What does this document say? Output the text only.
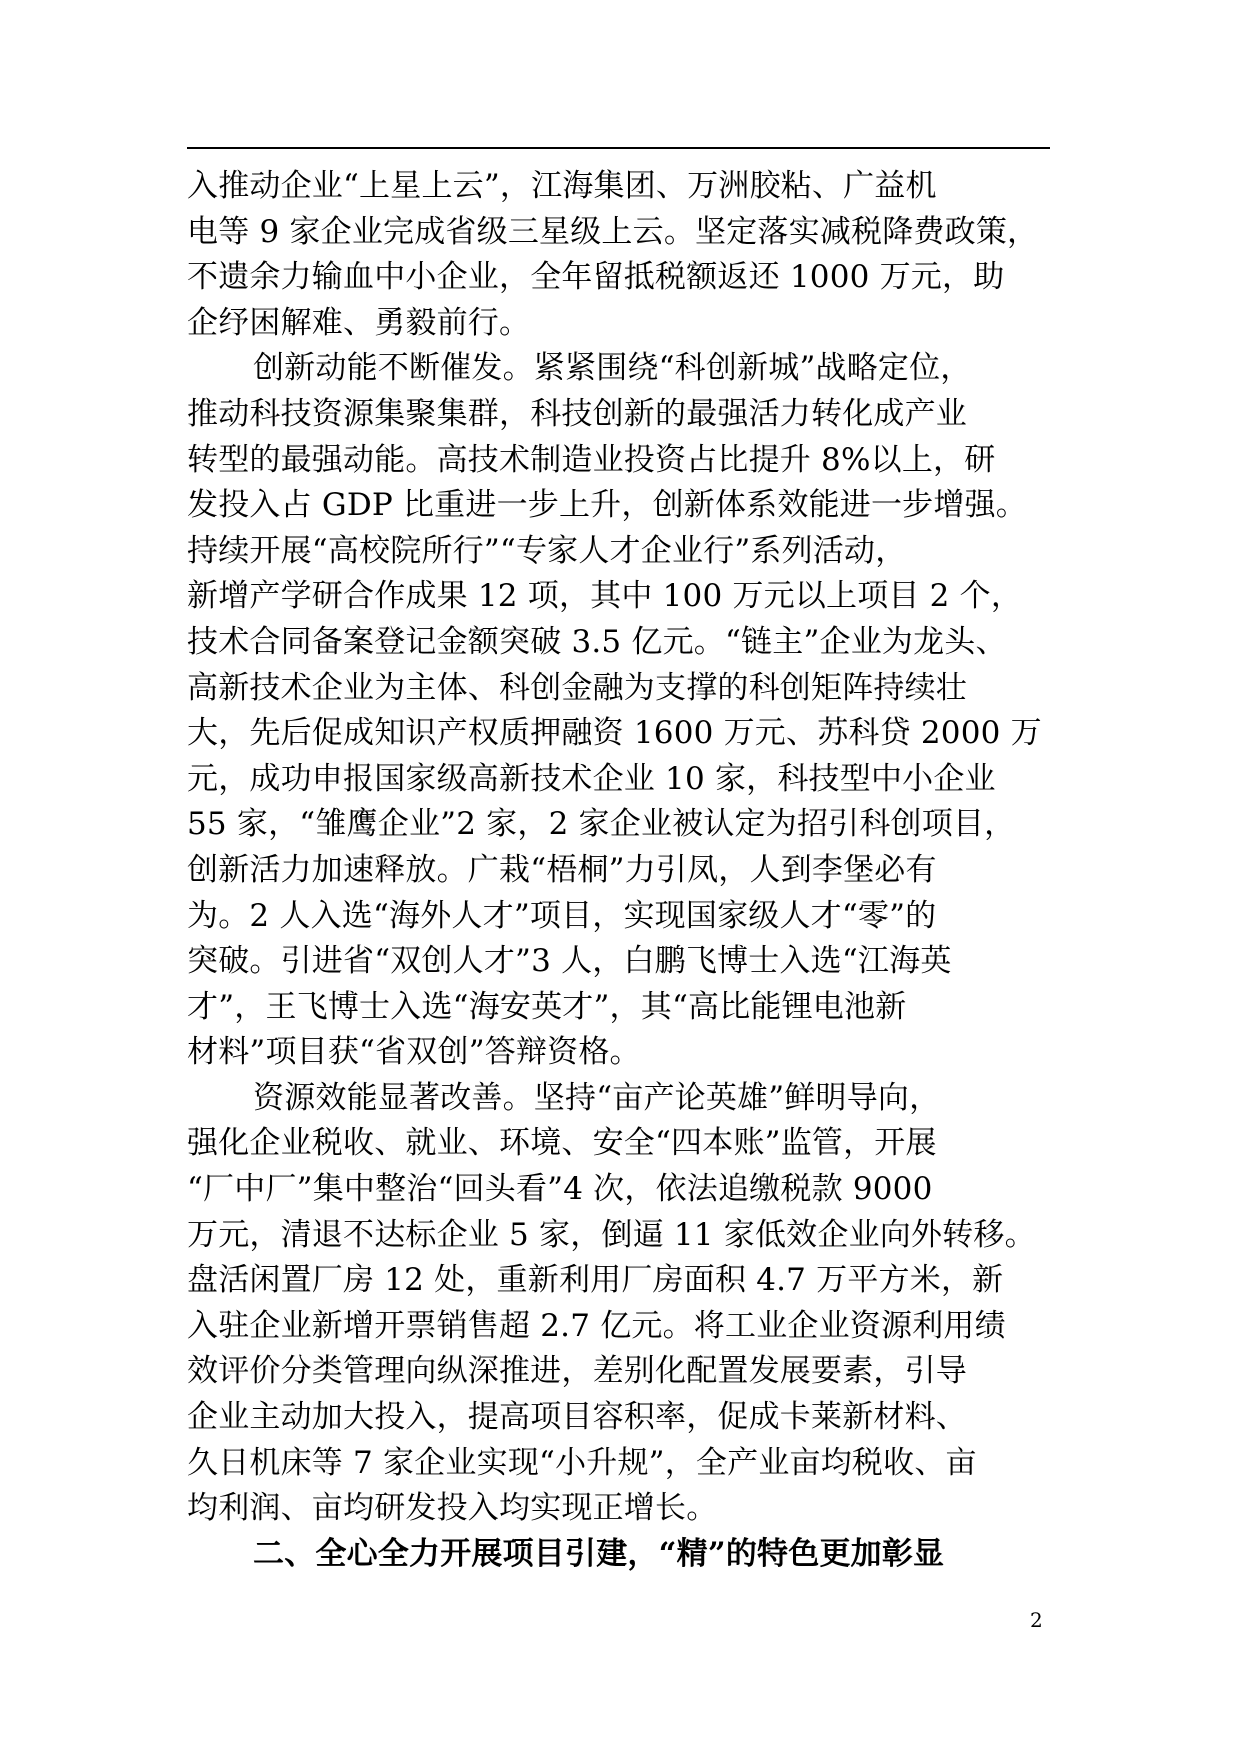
入推动企业“上星上云”，江海集团、万洲胶粘、广益机
电等 9 家企业完成省级三星级上云。坚定落实减税降费政策，
不遗余力输血中小企业，全年留抵税额返还 1000 万元，助
企纾困解难、勇毅前行。
创新动能不断催发。紧紧围绕“科创新城”战略定位，
推动科技资源集聚集群，科技创新的最强活力转化成产业
转型的最强动能。高技术制造业投资占比提升 8%以上，研
发投入占 GDP 比重进一步上升，创新体系效能进一步增强。
持续开展“高校院所行”“专家人才企业行”系列活动，
新增产学研合作成果 12 项，其中 100 万元以上项目 2 个，
技术合同备案登记金额突破 3.5 亿元。“链主”企业为龙头、
高新技术企业为主体、科创金融为支撑的科创矩阵持续壮
大，先后促成知识产权质押融资 1600 万元、苏科贷 2000 万
元，成功申报国家级高新技术企业 10 家，科技型中小企业
55 家，“雏鹰企业”2 家，2 家企业被认定为招引科创项目，
创新活力加速释放。广栽“梧桐”力引凤，人到李堡必有
为。2 人入选“海外人才”项目，实现国家级人才“零”的
突破。引进省“双创人才”3 人，白鹏飞博士入选“江海英
才”，王飞博士入选“海安英才”，其“高比能锂电池新
材料”项目获“省双创”答辩资格。
资源效能显著改善。坚持“亩产论英雄”鲜明导向，
强化企业税收、就业、环境、安全“四本账”监管，开展
“厂中厂”集中整治“回头看”4 次，依法追缴税款 9000
万元，清退不达标企业 5 家，倒逼 11 家低效企业向外转移。
盘活闲置厂房 12 处，重新利用厂房面积 4.7 万平方米，新
入驻企业新增开票销售超 2.7 亿元。将工业企业资源利用绩
效评价分类管理向纵深推进，差别化配置发展要素，引导
企业主动加大投入，提高项目容积率，促成卡莱新材料、
久日机床等 7 家企业实现“小升规”，全产业亩均税收、亩
均利润、亩均研发投入均实现正增长。
二、全心全力开展项目引建，“精”的特色更加彰显
2
